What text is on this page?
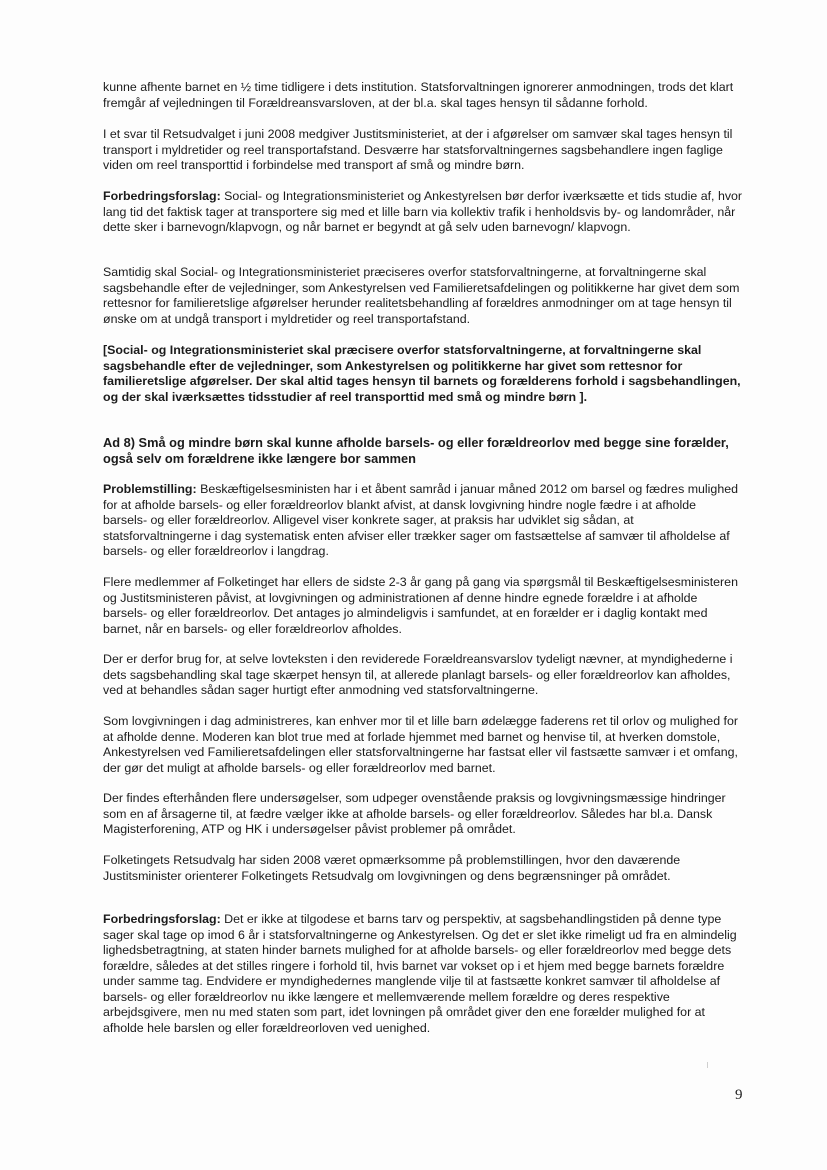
kunne afhente barnet en ½ time tidligere i dets institution. Statsforvaltningen ignorerer anmodningen, trods det klart fremgår af vejledningen til Forældreansvarsloven, at der bl.a. skal tages hensyn til sådanne forhold.

I et svar til Retsudvalget i juni 2008 medgiver Justitsministeriet, at der i afgørelser om samvær skal tages hensyn til transport i myldretider og reel transportafstand. Desværre har statsforvaltningernes sagsbehandlere ingen faglige viden om reel transporttid i forbindelse med transport af små og mindre børn.

Forbedringsforslag: Social- og Integrationsministeriet og Ankestyrelsen bør derfor iværksætte et tids studie af, hvor lang tid det faktisk tager at transportere sig med et lille barn via kollektiv trafik i henholdsvis by- og landområder, når dette sker i barnevogn/klapvogn, og når barnet er begyndt at gå selv uden barnevogn/ klapvogn.

Samtidig skal Social- og Integrationsministeriet præciseres overfor statsforvaltningerne, at forvaltningerne skal sagsbehandle efter de vejledninger, som Ankestyrelsen ved Familieretsafdelingen og politikkerne har givet dem som rettesnor for familieretslige afgørelser herunder realitetsbehandling af forældres anmodninger om at tage hensyn til ønske om at undgå transport i myldretider og reel transportafstand.

[Social- og Integrationsministeriet skal præcisere overfor statsforvaltningerne, at forvaltningerne skal sagsbehandle efter de vejledninger, som Ankestyrelsen og politikkerne har givet som rettesnor for familieretslige afgørelser. Der skal altid tages hensyn til barnets og forælderens forhold i sagsbehandlingen, og der skal iværksættes tidsstudier af reel transporttid med små og mindre børn ].

Ad 8) Små og mindre børn skal kunne afholde barsels- og eller forældreorlov med begge sine forælder, også selv om forældrene ikke længere bor sammen

Problemstilling: Beskæftigelsesministen har i et åbent samråd i januar måned 2012 om barsel og fædres mulighed for at afholde barsels- og eller forældreorlov blankt afvist, at dansk lovgivning hindre nogle fædre i at afholde barsels- og eller forældreorlov. Alligevel viser konkrete sager, at praksis har udviklet sig sådan, at statsforvaltningerne i dag systematisk enten afviser eller trækker sager om fastsættelse af samvær til afholdelse af barsels- og eller forældreorlov i langdrag.

Flere medlemmer af Folketinget har ellers de sidste 2-3 år gang på gang via spørgsmål til Beskæftigelsesministeren og Justitsministeren påvist, at lovgivningen og administrationen af denne hindre egnede forældre i at afholde barsels- og eller forældreorlov. Det antages jo almindeligvis i samfundet, at en forælder er i daglig kontakt med barnet, når en barsels- og eller forældreorlov afholdes.

Der er derfor brug for, at selve lovteksten i den reviderede Forældreansvarslov tydeligt nævner, at myndighederne i dets sagsbehandling skal tage skærpet hensyn til, at allerede planlagt barsels- og eller forældreorlov kan afholdes, ved at behandles sådan sager hurtigt efter anmodning ved statsforvaltningerne.

Som lovgivningen i dag administreres, kan enhver mor til et lille barn ødelægge faderens ret til orlov og mulighed for at afholde denne. Moderen kan blot true med at forlade hjemmet med barnet og henvise til, at hverken domstole, Ankestyrelsen ved Familieretsafdelingen eller statsforvaltningerne har fastsat eller vil fastsætte samvær i et omfang, der gør det muligt at afholde barsels- og eller forældreorlov med barnet.

Der findes efterhånden flere undersøgelser, som udpeger ovenstående praksis og lovgivningsmæssige hindringer som en af årsagerne til, at fædre vælger ikke at afholde barsels- og eller forældreorlov. Således har bl.a. Dansk Magisterforening, ATP og HK i undersøgelser påvist problemer på området.

Folketingets Retsudvalg har siden 2008 været opmærksomme på problemstillingen, hvor den daværende Justitsminister orienterer Folketingets Retsudvalg om lovgivningen og dens begrænsninger på området.

Forbedringsforslag: Det er ikke at tilgodese et barns tarv og perspektiv, at sagsbehandlingstiden på denne type sager skal tage op imod 6 år i statsforvaltningerne og Ankestyrelsen. Og det er slet ikke rimeligt ud fra en almindelig lighedsbetragtning, at staten hinder barnets mulighed for at afholde barsels- og eller forældreorlov med begge dets forældre, således at det stilles ringere i forhold til, hvis barnet var vokset op i et hjem med begge barnets forældre under samme tag. Endvidere er myndighedernes manglende vilje til at fastsætte konkret samvær til afholdelse af barsels- og eller forældreorlov nu ikke længere et mellemværende mellem forældre og deres respektive arbejdsgivere, men nu med staten som part, idet lovningen på området giver den ene forælder mulighed for at afholde hele barslen og eller forældreorloven ved uenighed.

9
